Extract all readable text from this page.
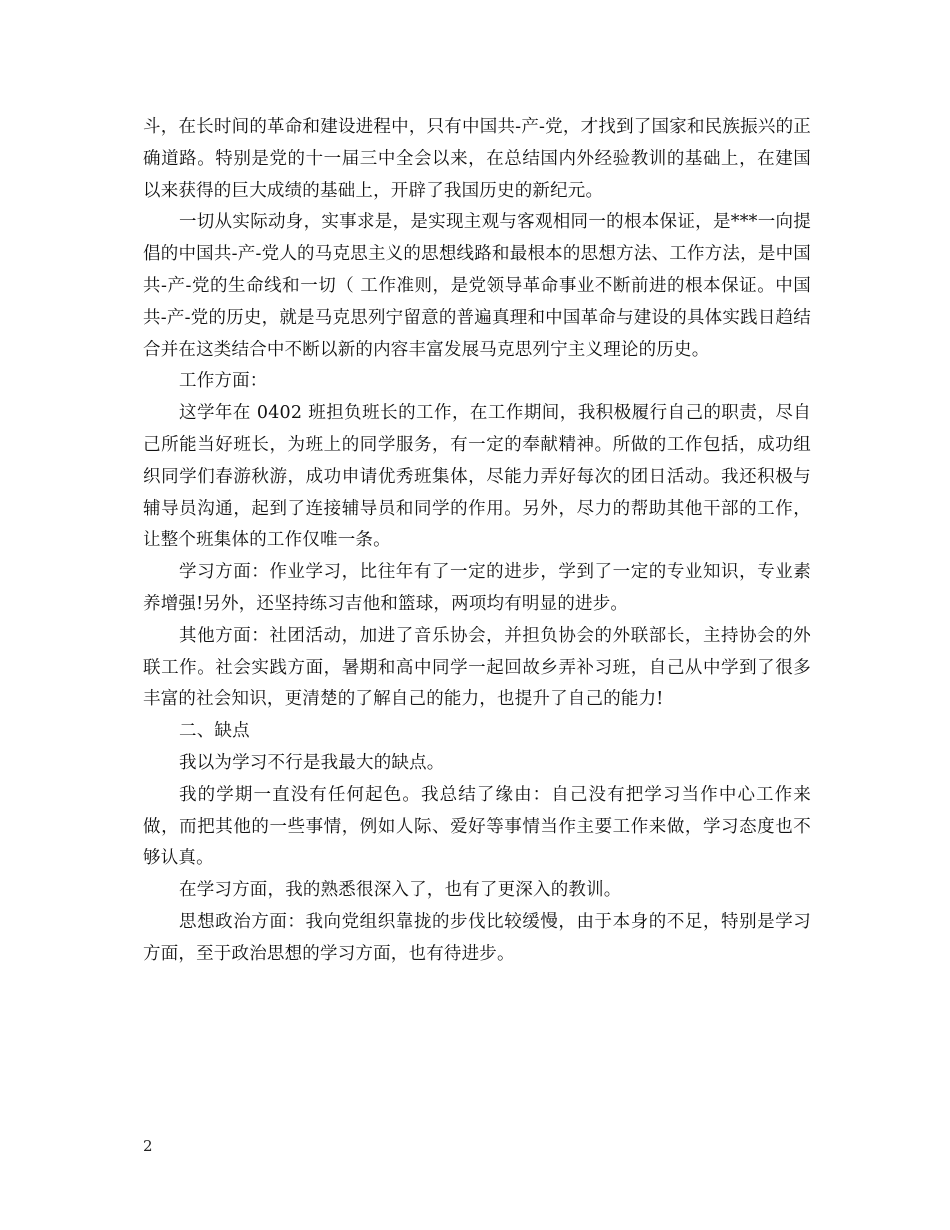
斗，在长时间的革命和建设进程中，只有中国共-产-党，才找到了国家和民族振兴的正确道路。特别是党的十一届三中全会以来，在总结国内外经验教训的基础上，在建国以来获得的巨大成绩的基础上，开辟了我国历史的新纪元。

一切从实际动身，实事求是，是实现主观与客观相同一的根本保证，是***一向提倡的中国共-产-党人的马克思主义的思想线路和最根本的思想方法、工作方法，是中国共-产-党的生命线和一切（ 工作准则，是党领导革命事业不断前进的根本保证。中国共-产-党的历史，就是马克思列宁留意的普遍真理和中国革命与建设的具体实践日趋结合并在这类结合中不断以新的内容丰富发展马克思列宁主义理论的历史。

工作方面：

这学年在 0402 班担负班长的工作，在工作期间，我积极履行自己的职责，尽自己所能当好班长，为班上的同学服务，有一定的奉献精神。所做的工作包括，成功组织同学们春游秋游，成功申请优秀班集体，尽能力弄好每次的团日活动。我还积极与辅导员沟通，起到了连接辅导员和同学的作用。另外，尽力的帮助其他干部的工作，让整个班集体的工作仅唯一条。

学习方面：作业学习，比往年有了一定的进步，学到了一定的专业知识，专业素养增强!另外，还坚持练习吉他和篮球，两项均有明显的进步。

其他方面：社团活动，加进了音乐协会，并担负协会的外联部长，主持协会的外联工作。社会实践方面，暑期和高中同学一起回故乡弄补习班，自己从中学到了很多丰富的社会知识，更清楚的了解自己的能力，也提升了自己的能力!

二、缺点

我以为学习不行是我最大的缺点。

我的学期一直没有任何起色。我总结了缘由：自己没有把学习当作中心工作来做，而把其他的一些事情，例如人际、爱好等事情当作主要工作来做，学习态度也不够认真。

在学习方面，我的熟悉很深入了，也有了更深入的教训。

思想政治方面：我向党组织靠拢的步伐比较缓慢，由于本身的不足，特别是学习方面，至于政治思想的学习方面，也有待进步。

2
